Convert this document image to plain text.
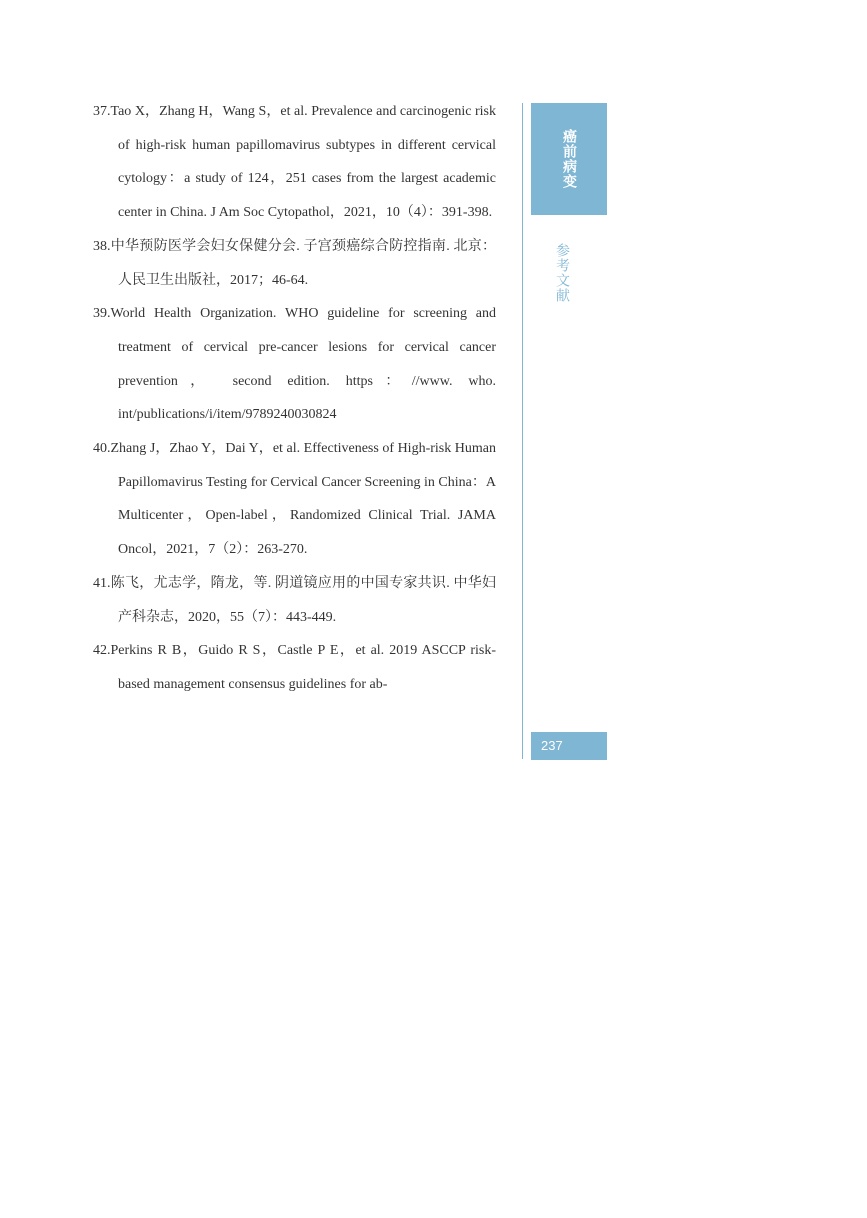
37.Tao X，Zhang H，Wang S，et al. Prevalence and carcinogenic risk of high-risk human papillomavirus subtypes in different cervical cytology：a study of 124，251 cases from the largest academic center in China. J Am Soc Cytopathol，2021，10（4）：391-398.

38.中华预防医学会妇女保健分会. 子宫颈癌综合防控指南. 北京：人民卫生出版社，2017；46-64.

39.World Health Organization. WHO guideline for screening and treatment of cervical pre-cancer lesions for cervical cancer prevention， second edition. https：//www. who. int/publications/i/item/9789240030824

40.Zhang J，Zhao Y，Dai Y，et al. Effectiveness of High-risk Human Papillomavirus Testing for Cervical Cancer Screening in China：A Multicenter，Open-label，Randomized Clinical Trial. JAMA Oncol，2021，7（2）：263-270.

41.陈飞，尤志学，隋龙，等. 阴道镜应用的中国专家共识. 中华妇产科杂志，2020，55（7）：443-449.

42.Perkins R B，Guido R S，Castle P E，et al. 2019 ASCCP risk-based management consensus guidelines for ab-

癌前病变
参考文献
237
